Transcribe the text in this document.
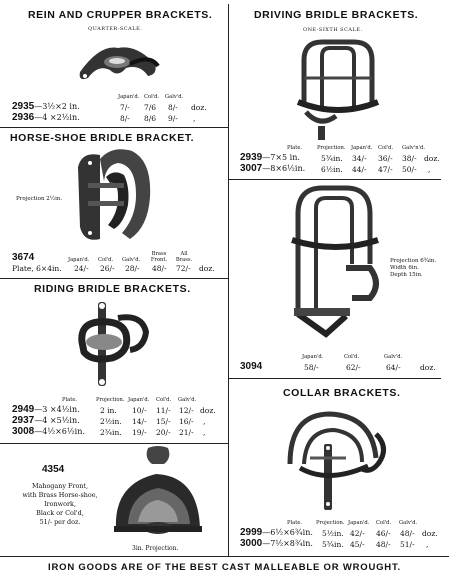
REIN AND CRUPPER BRACKETS.
QUARTER-SCALE.
Japan'd. Col'd. Galv'd.
2935—3½×2 in.	7/- 7/6 8/- doz.
2936—4 ×2½in.	8/- 8/6 9/- ,
HORSE-SHOE BRIDLE BRACKET.
Projection 2½in.
3674	Japan'd. Col'd. Galv'd.
Brass Front.
All Brass.
Plate, 6×4in. 24/- 26/- 28/- 48/- 72/- doz.
RIDING BRIDLE BRACKETS.
Plate.	Projection. Japan'd. Col'd. Galv'd.
2949—3 ×4½in.	2 in. 10/- 11/- 12/- doz.
2937—4 ×5½in.	2½in. 14/- 15/- 16/- ,
3008—4½×6½in. 2¾in. 19/- 20/- 21/- ,
4354
Mahogany Front,
with Brass Horse-shoe,
Ironwork,
Black or Col'd,
51/- per doz.
3in. Projection.
DRIVING BRIDLE BRACKETS.
ONE-SIXTH SCALE.
Plate.	Projection. Japan'd. Col'd. Galv'n'd.
2939—7×5 in.	5¾in. 34/- 36/- 38/- doz.
3007—8×6½in. 6½in. 44/- 47/- 50/- ,
Projection 6¾in.
Width 6in.
Depth 15in.
Japan'd.	Col'd.	Galv'd.
3094	58/-	62/-	64/-	doz.
COLLAR BRACKETS.
Plate.	Projection. Japan'd. Col'd. Galv'd.
2999—6½×6¾in. 5½in. 42/- 46/- 48/- doz.
3000—7½×8¾in. 5¾in. 45/- 48/- 51/- ,
IRON GOODS ARE OF THE BEST CAST MALLEABLE OR WROUGHT.
